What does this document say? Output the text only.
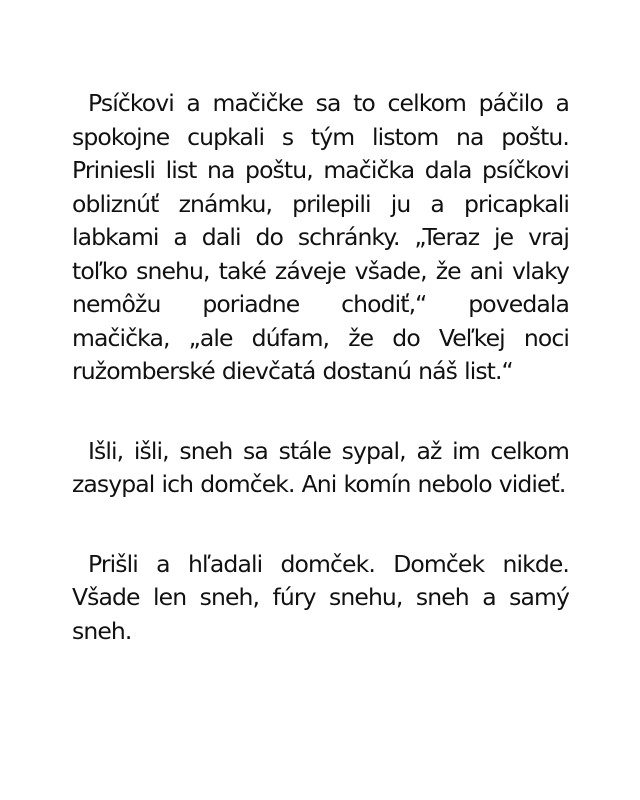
Psíčkovi a mačičke sa to celkom páčilo a spokojne cupkali s tým listom na poštu. Priniesli list na poštu, mačička dala psíčkovi obliznúť známku, prilepili ju a pricapkali labkami a dali do schránky. „Teraz je vraj toľko snehu, také záveje všade, že ani vlaky nemôžu poriadne chodiť,“ povedala mačička, „ale dúfam, že do Veľkej noci ružomberské dievčatá dostanú náš list.“

Išli, išli, sneh sa stále sypal, až im celkom zasypal ich domček. Ani komín nebolo vidieť.

Prišli a hľadali domček. Domček nikde. Všade len sneh, fúry snehu, sneh a samý sneh.
